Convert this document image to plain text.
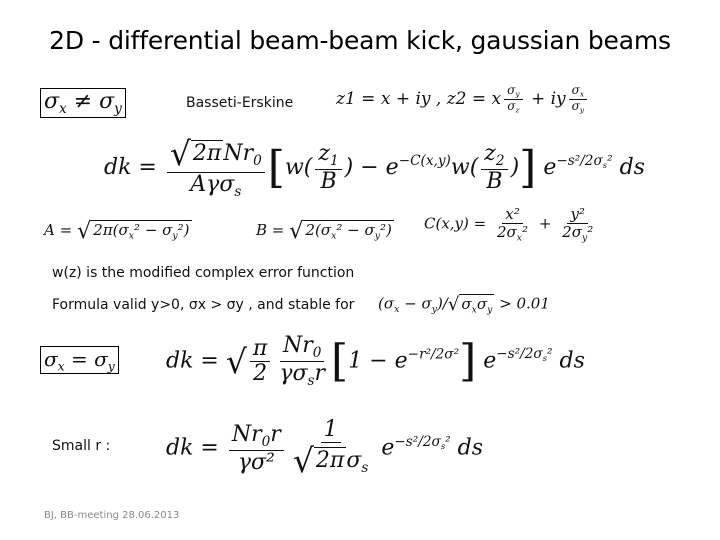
2D - differential beam-beam kick, gaussian beams
$\sigma_x \ne \sigma_y$	Basseti-Erskine	z1 = x + iy , z2 = x $\frac{\sigma_y}{\sigma_z}$ + iy $\frac{\sigma_x}{\sigma_y}$
dk = $\frac{√2\pi Nr_0}{A\gamma\sigma_s} [w( \frac{z_1}{B}$ ) − $e^{-C(x,y)}w( \frac{z_2}{B}$ )] $e^{-s^2/2\sigma_s^2}$ ds
A = √ $2\pi(\sigma_x^2 - \sigma_y^2)$	B = √ $2(\sigma_x^2 - \sigma_y^2) C(x,y) = \frac{\text{x²}}{2\sigma_x^2} + \frac{\text{y²}}{2\sigma_y^2}$
w(z) is the modified complex error function
Formula valid y>0, σx > σy , and stable for $(\sigma_x - \sigma_y)/√$ $\sigma_x\sigma_y > 0.01$
$\sigma_x = \sigma_y$ dk = √ $\frac{\pi}{2} \frac{Nr_0}{\gamma\sigma_sr} [1 - e^{-r^2/2\sigma^2}]$ $e^{-s^2/2\sigma_s^2}$ ds
Small r :	dk = $\frac{Nr_0r}{\text{γσ²}} \frac{1}{√2\pi\sigma_s} e^{-s^2/2\sigma_s^2}$ ds
BJ, BB-meeting 28.06.2013
